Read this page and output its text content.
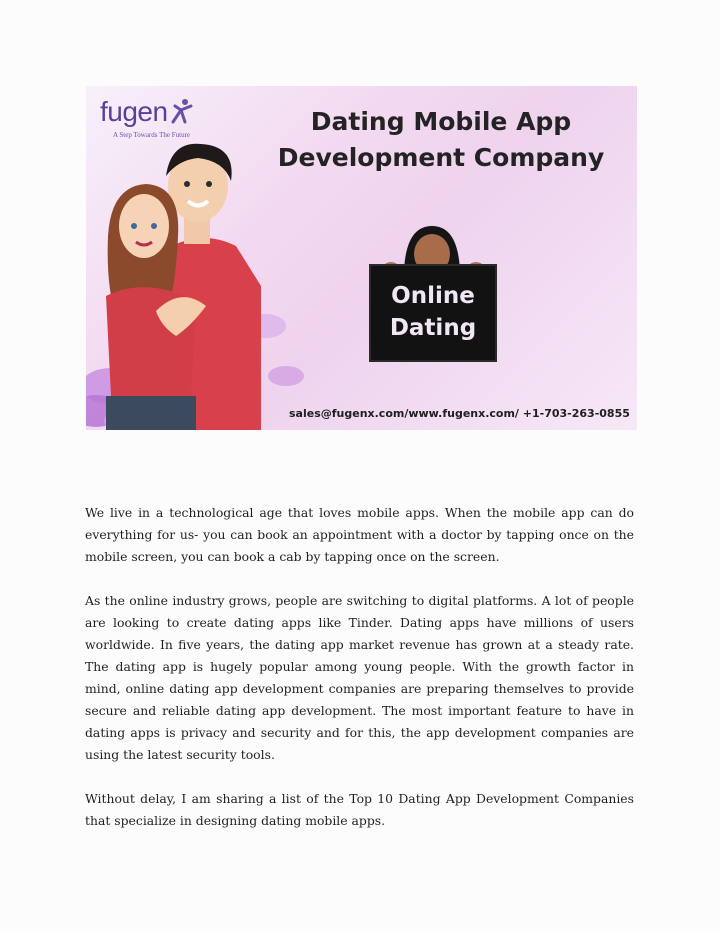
fugen
A Step Towards The Future	Dating Mobile App
Development Company
Online
Dating
sales@fugenx.com/www.fugenx.com/ +1-703-263-0855

We live in a technological age that loves mobile apps. When the mobile app can do everything for us- you can book an appointment with a doctor by tapping once on the mobile screen, you can book a cab by tapping once on the screen.

As the online industry grows, people are switching to digital platforms. A lot of people are looking to create dating apps like Tinder. Dating apps have millions of users worldwide. In five years, the dating app market revenue has grown at a steady rate. The dating app is hugely popular among young people. With the growth factor in mind, online dating app development companies are preparing themselves to provide secure and reliable dating app development. The most important feature to have in dating apps is privacy and security and for this, the app development companies are using the latest security tools.

Without delay, I am sharing a list of the Top 10 Dating App Development Companies that specialize in designing dating mobile apps.
